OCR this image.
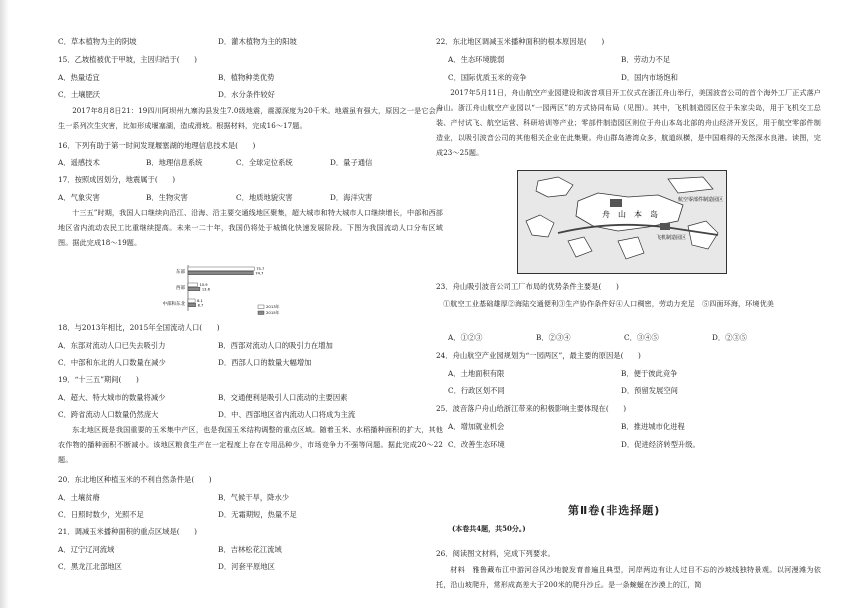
C．草本植物为主的阴坡	D．灌木植物为主的阳坡
15．乙坡植被优于甲坡，主因归结于(　　)
A．热量适宜	B．植物种类优势
C．土壤肥沃	D．水分条件较好
2017年8月8日21：19四川阿坝州九寨沟县发生7.0级地震，震源深度为20千米。地震虽有强大，原因之一是它会产生一系列次生灾害，比如形成堰塞湖，造成滑坡。根据材料，完成16～17题。
16．下列有助于第一时间发现堰塞湖的地理信息技术是(　　)
A．遥感技术	B．地理信息系统	C．全球定位系统	D．量子通信
17．按照成因划分，地震属于(　　)
A．气象灾害	B．生物灾害	C．地质地貌灾害	D．海洋灾害
十三五”时期，我国人口继续向沿江、沿海、沿主要交通线地区聚集，超大城市和特大城市人口继续增长，中部和西部地区省内流动农民工比重继续提高。未来一二十年，我国仍将处于城镇化快速发展阶段。下图为我国流动人口分布区域图。据此完成18～19题。
18．与2013年相比，2015年全国流动人口(　　)
A．东部对流动人口已失去吸引力	B．西部对流动人口的吸引力在增加
C．中部和东北的人口数量在减少	D．西部人口的数量大幅增加
19．“十三五”期间(　　)
A．超大、特大城市的数量将减少	B．交通便利是吸引人口流动的主要因素
C．跨省流动人口数量仍然庞大	D．中、西部地区省内流动人口将成为主流
东北地区既是我国重要的玉米集中产区，也是我国玉米结构调整的重点区域。随着玉米、水稻播种面积的扩大，其他农作物的播种面积不断减小。该地区粮食生产在一定程度上存在专用品种少，市场竞争力不强等问题。据此完成20～22题。
20．东北地区种植玉米的不利自然条件是(　　)
A．土壤贫瘠	B．气候干旱，降水少
C．日照时数少，光照不足	D．无霜期短，热量不足
21．调减玉米播种面积的重点区域是(　　)
A．辽宁辽河流域	B．吉林松花江流域
C．黑龙江北部地区	D．河套平原地区
东部
75.7
74.7
西部
10.9
13.6
中部和东北
8.1
8.7	2013年
2015年
22．东北地区调减玉米播种面积的根本原因是(　　)
A．生态环境脆弱	B．劳动力不足
C．国际优质玉米的竞争	D．国内市场饱和
2017年5月11日，舟山航空产业园建设和波音项目开工仪式在浙江舟山举行，美国波音公司的首个海外工厂正式落户舟山。浙江舟山航空产业园以“一园两区”的方式协同布局（见图）。其中，飞机制造园区位于朱家尖岛，用于飞机交工总装、产付试飞、航空运营、科研培训等产业；零部件制造园区则位于舟山本岛北部的舟山经济开发区，用于航空零部件制造业，以吸引波音公司的其他相关企业在此集聚。舟山群岛港湾众多，航道纵横，是中国难得的天然深水良港。读图，完成23～25题。
23．舟山吸引波音公司工厂布局的优势条件主要是(　　)
①航空工业基础雄厚②海陆交通便利③生产协作条件好④人口稠密，劳动力充足　⑤四面环海，环境优美
A．①②③	B．②③④	C．③④⑤	D．②③⑤
24．舟山航空产业园规划为“一园两区”，最主要的原因是(　　)
A．土地面积有限	B．便于彼此竞争
C．行政区划不同	D．预留发展空间
25．波音落户舟山给浙江带来的积极影响主要体现在(　　)
A．增加就业机会	B．推进城市化进程
C．改善生态环境	D．促进经济转型升级。
26．阅读图文材料，完成下列要求。
材料　雅鲁藏布江中游河谷风沙地貌发育普遍且典型，河岸两边有让人过目不忘的沙坡线独特景观。以河漫滩为依托，沿山坡爬升，常形成高差大于200米的爬升沙丘。是一条蜿蜒在沙漠上的江，简
舟　山　本　岛
航空零部件制造园区
飞机制造园区
第Ⅱ卷(非选择题)
(本卷共4题，共50分。)
